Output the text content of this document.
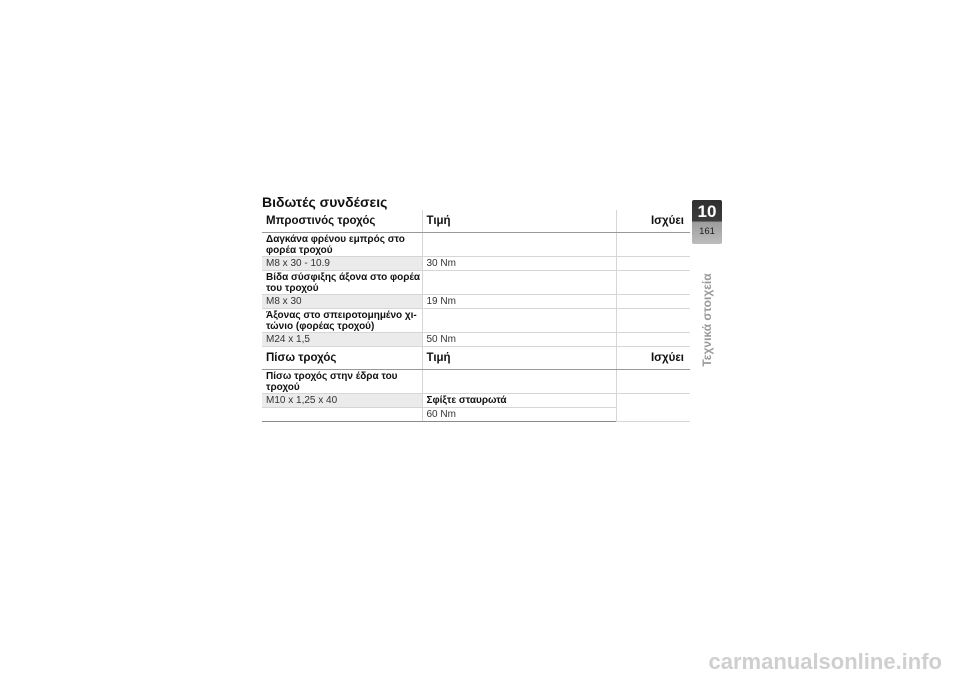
Βιδωτές συνδέσεις
Μπροστινός τροχός	Τιμή	Ισχύει
Δαγκάνα φρένου εμπρός στο φορέα τροχού		
M8 x 30 - 10.9	30 Nm	
Βίδα σύσφιξης άξονα στο φορέα του τροχού		
M8 x 30	19 Nm	
Άξονας στο σπειροτομημένο χι-τώνιο (φορέας τροχού)		
M24 x 1,5	50 Nm	
Πίσω τροχός	Τιμή	Ισχύει
Πίσω τροχός στην έδρα του τροχού		
M10 x 1,25 x 40	Σφίξτε σταυρωτά	
	60 Nm	
10
161
Τεχνικά στοιχεία
carmanualsonline.info
